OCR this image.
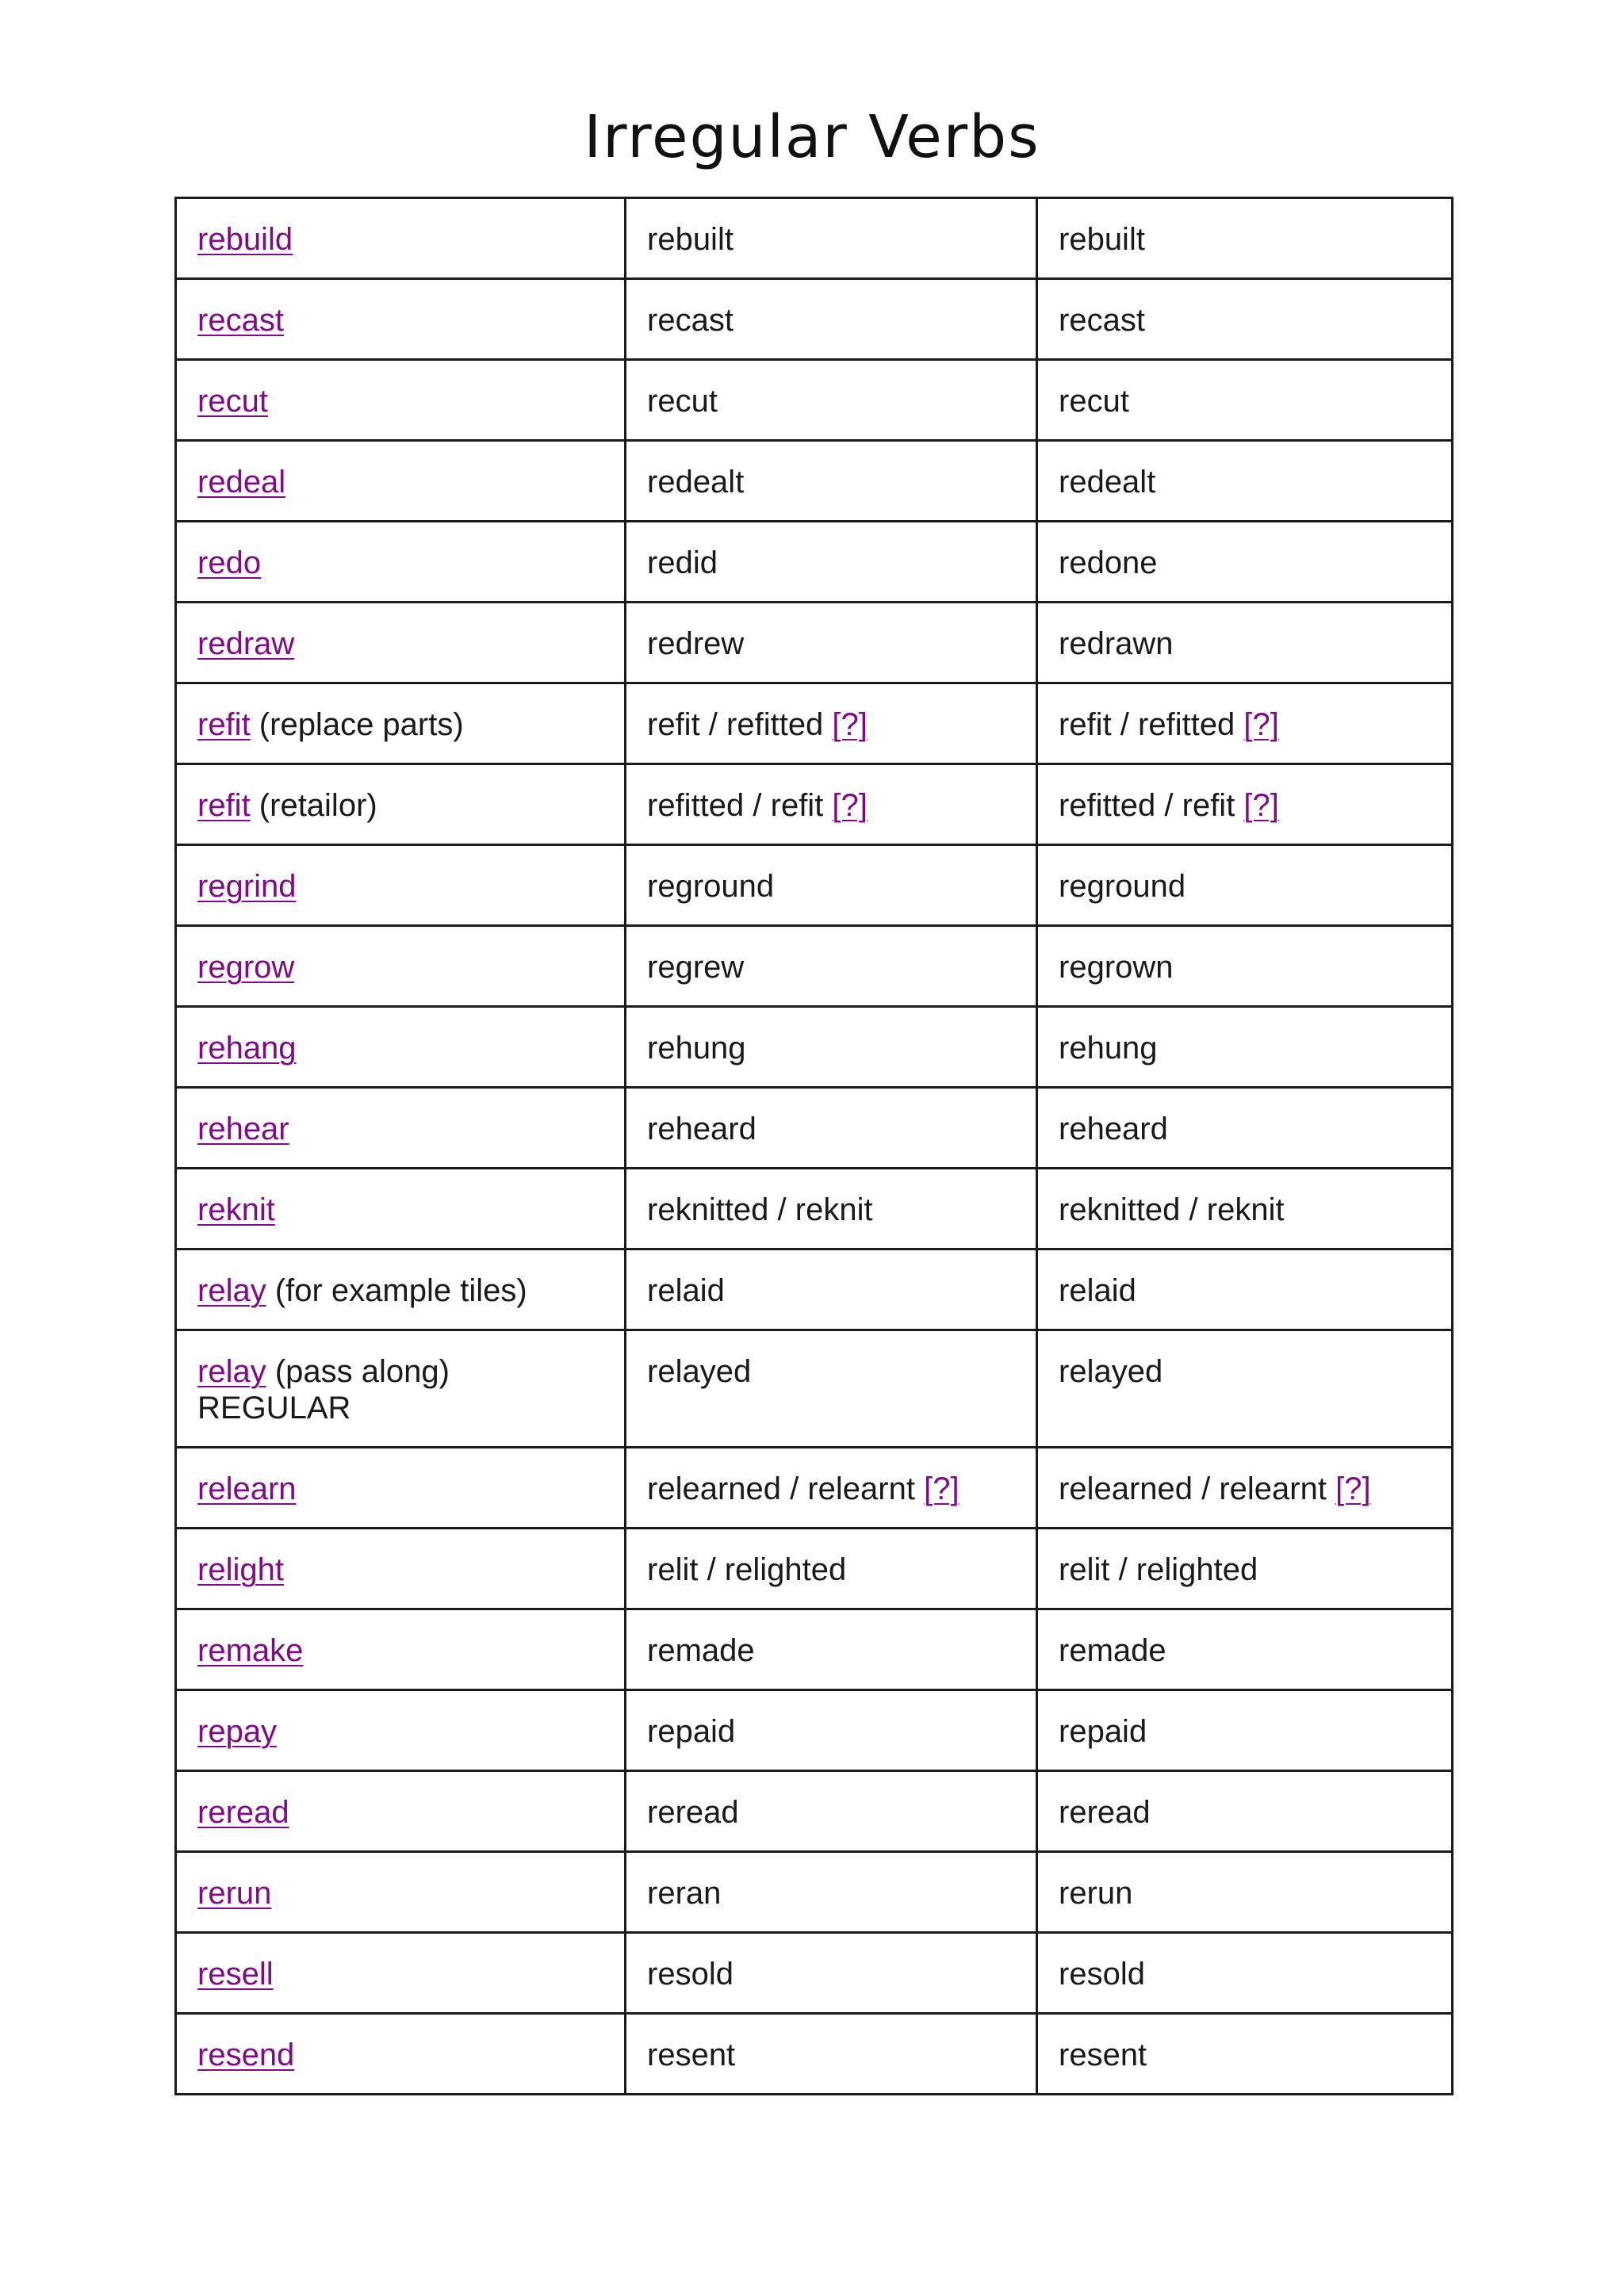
Irregular Verbs
rebuild	rebuilt	rebuilt
recast	recast	recast
recut	recut	recut
redeal	redealt	redealt
redo	redid	redone
redraw	redrew	redrawn
refit (replace parts)	refit / refitted [?]	refit / refitted [?]
refit (retailor)	refitted / refit [?]	refitted / refit [?]
regrind	reground	reground
regrow	regrew	regrown
rehang	rehung	rehung
rehear	reheard	reheard
reknit	reknitted / reknit	reknitted / reknit
relay (for example tiles)	relaid	relaid
relay (pass along)
REGULAR	relayed	relayed
relearn	relearned / relearnt [?]	relearned / relearnt [?]
relight	relit / relighted	relit / relighted
remake	remade	remade
repay	repaid	repaid
reread	reread	reread
rerun	reran	rerun
resell	resold	resold
resend	resent	resent
